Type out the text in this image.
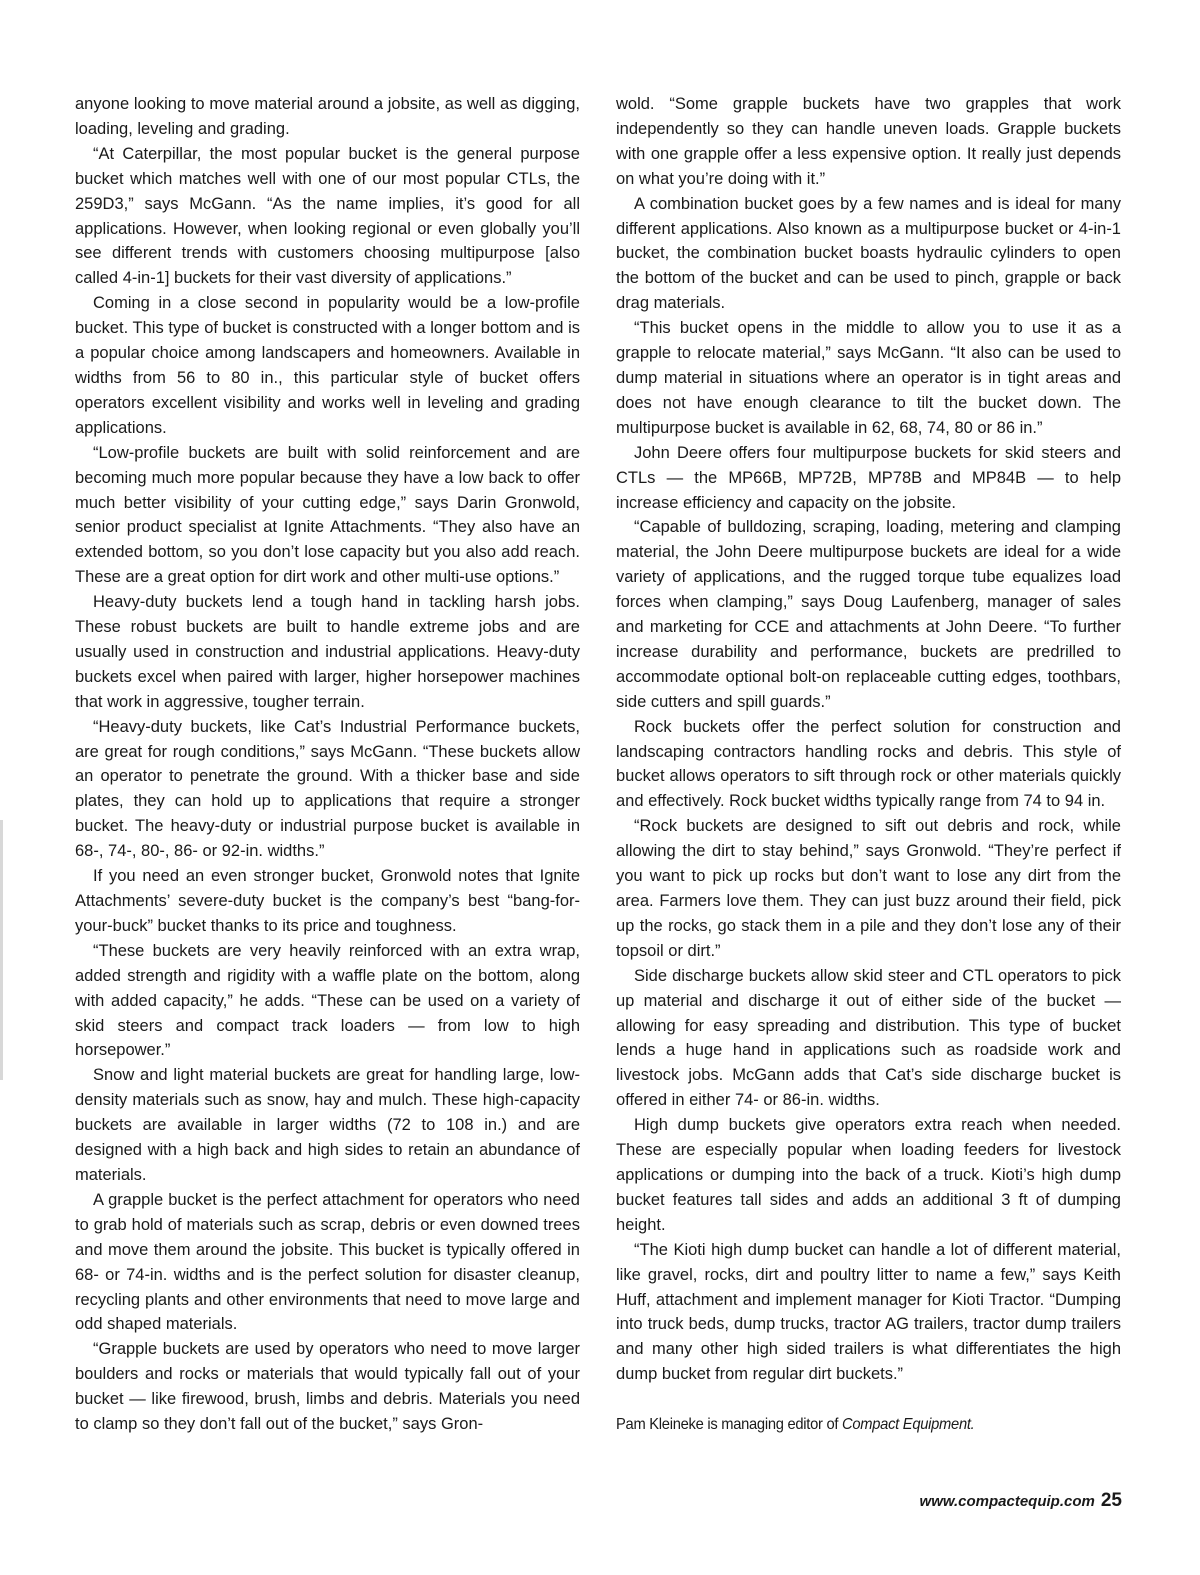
anyone looking to move material around a jobsite, as well as digging, loading, leveling and grading.

“At Caterpillar, the most popular bucket is the general purpose bucket which matches well with one of our most popular CTLs, the 259D3,” says McGann. “As the name implies, it’s good for all applications. However, when looking regional or even globally you’ll see different trends with customers choosing multipurpose [also called 4-in-1] buckets for their vast diversity of applications.”

Coming in a close second in popularity would be a low-profile bucket. This type of bucket is constructed with a longer bottom and is a popular choice among landscapers and homeowners. Available in widths from 56 to 80 in., this particular style of bucket offers operators excellent visibility and works well in leveling and grading applications.

“Low-profile buckets are built with solid reinforcement and are becoming much more popular because they have a low back to offer much better visibility of your cutting edge,” says Darin Gronwold, senior product specialist at Ignite Attachments. “They also have an extended bottom, so you don’t lose capacity but you also add reach. These are a great option for dirt work and other multi-use options.”

Heavy-duty buckets lend a tough hand in tackling harsh jobs. These robust buckets are built to handle extreme jobs and are usually used in construction and industrial applications. Heavy-duty buckets excel when paired with larger, higher horsepower machines that work in aggressive, tougher terrain.

“Heavy-duty buckets, like Cat’s Industrial Performance buckets, are great for rough conditions,” says McGann. “These buckets allow an operator to penetrate the ground. With a thicker base and side plates, they can hold up to applications that require a stronger bucket. The heavy-duty or industrial purpose bucket is available in 68-, 74-, 80-, 86- or 92-in. widths.”

If you need an even stronger bucket, Gronwold notes that Ignite Attachments’ severe-duty bucket is the company’s best “bang-for-your-buck” bucket thanks to its price and toughness.

“These buckets are very heavily reinforced with an extra wrap, added strength and rigidity with a waffle plate on the bottom, along with added capacity,” he adds. “These can be used on a variety of skid steers and compact track loaders — from low to high horsepower.”

Snow and light material buckets are great for handling large, low-density materials such as snow, hay and mulch. These high-capacity buckets are available in larger widths (72 to 108 in.) and are designed with a high back and high sides to retain an abundance of materials.

A grapple bucket is the perfect attachment for operators who need to grab hold of materials such as scrap, debris or even downed trees and move them around the jobsite. This bucket is typically offered in 68- or 74-in. widths and is the perfect solution for disaster cleanup, recycling plants and other environments that need to move large and odd shaped materials.

“Grapple buckets are used by operators who need to move larger boulders and rocks or materials that would typically fall out of your bucket — like firewood, brush, limbs and debris. Materials you need to clamp so they don’t fall out of the bucket,” says Gron-

wold. “Some grapple buckets have two grapples that work independently so they can handle uneven loads. Grapple buckets with one grapple offer a less expensive option. It really just depends on what you’re doing with it.”

A combination bucket goes by a few names and is ideal for many different applications. Also known as a multipurpose bucket or 4-in-1 bucket, the combination bucket boasts hydraulic cylinders to open the bottom of the bucket and can be used to pinch, grapple or back drag materials.

“This bucket opens in the middle to allow you to use it as a grapple to relocate material,” says McGann. “It also can be used to dump material in situations where an operator is in tight areas and does not have enough clearance to tilt the bucket down. The multipurpose bucket is available in 62, 68, 74, 80 or 86 in.”

John Deere offers four multipurpose buckets for skid steers and CTLs — the MP66B, MP72B, MP78B and MP84B — to help increase efficiency and capacity on the jobsite.

“Capable of bulldozing, scraping, loading, metering and clamping material, the John Deere multipurpose buckets are ideal for a wide variety of applications, and the rugged torque tube equalizes load forces when clamping,” says Doug Laufenberg, manager of sales and marketing for CCE and attachments at John Deere. “To further increase durability and performance, buckets are predrilled to accommodate optional bolt-on replaceable cutting edges, toothbars, side cutters and spill guards.”

Rock buckets offer the perfect solution for construction and landscaping contractors handling rocks and debris. This style of bucket allows operators to sift through rock or other materials quickly and effectively. Rock bucket widths typically range from 74 to 94 in.

“Rock buckets are designed to sift out debris and rock, while allowing the dirt to stay behind,” says Gronwold. “They’re perfect if you want to pick up rocks but don’t want to lose any dirt from the area. Farmers love them. They can just buzz around their field, pick up the rocks, go stack them in a pile and they don’t lose any of their topsoil or dirt.”

Side discharge buckets allow skid steer and CTL operators to pick up material and discharge it out of either side of the bucket — allowing for easy spreading and distribution. This type of bucket lends a huge hand in applications such as roadside work and livestock jobs. McGann adds that Cat’s side discharge bucket is offered in either 74- or 86-in. widths.

High dump buckets give operators extra reach when needed. These are especially popular when loading feeders for livestock applications or dumping into the back of a truck. Kioti’s high dump bucket features tall sides and adds an additional 3 ft of dumping height.

“The Kioti high dump bucket can handle a lot of different material, like gravel, rocks, dirt and poultry litter to name a few,” says Keith Huff, attachment and implement manager for Kioti Tractor. “Dumping into truck beds, dump trucks, tractor AG trailers, tractor dump trailers and many other high sided trailers is what differentiates the high dump bucket from regular dirt buckets.”

Pam Kleineke is managing editor of Compact Equipment.

www.compactequip.com 25
